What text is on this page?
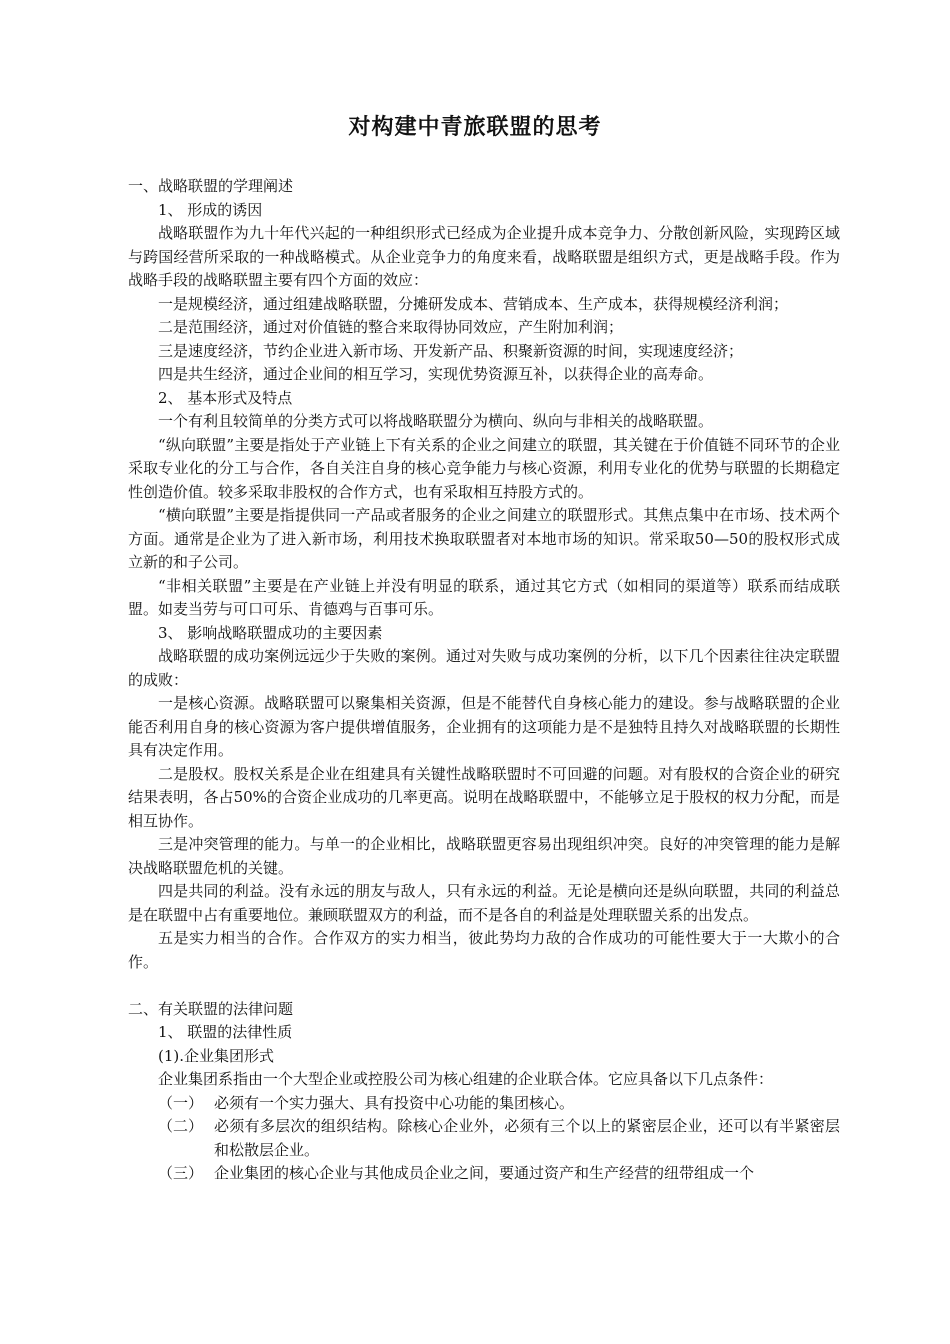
对构建中青旅联盟的思考

一、战略联盟的学理阐述

1、 形成的诱因

战略联盟作为九十年代兴起的一种组织形式已经成为企业提升成本竞争力、分散创新风险，实现跨区域与跨国经营所采取的一种战略模式。从企业竞争力的角度来看，战略联盟是组织方式，更是战略手段。作为战略手段的战略联盟主要有四个方面的效应：

一是规模经济，通过组建战略联盟，分摊研发成本、营销成本、生产成本，获得规模经济利润；

二是范围经济，通过对价值链的整合来取得协同效应，产生附加利润；

三是速度经济，节约企业进入新市场、开发新产品、积聚新资源的时间，实现速度经济；

四是共生经济，通过企业间的相互学习，实现优势资源互补，以获得企业的高寿命。

2、 基本形式及特点

一个有利且较简单的分类方式可以将战略联盟分为横向、纵向与非相关的战略联盟。

“纵向联盟”主要是指处于产业链上下有关系的企业之间建立的联盟，其关键在于价值链不同环节的企业采取专业化的分工与合作，各自关注自身的核心竞争能力与核心资源，利用专业化的优势与联盟的长期稳定性创造价值。较多采取非股权的合作方式，也有采取相互持股方式的。

“横向联盟”主要是指提供同一产品或者服务的企业之间建立的联盟形式。其焦点集中在市场、技术两个方面。通常是企业为了进入新市场，利用技术换取联盟者对本地市场的知识。常采取50—50的股权形式成立新的和子公司。

“非相关联盟”主要是在产业链上并没有明显的联系，通过其它方式（如相同的渠道等）联系而结成联盟。如麦当劳与可口可乐、肯德鸡与百事可乐。

3、 影响战略联盟成功的主要因素

战略联盟的成功案例远远少于失败的案例。通过对失败与成功案例的分析，以下几个因素往往决定联盟的成败：

一是核心资源。战略联盟可以聚集相关资源，但是不能替代自身核心能力的建设。参与战略联盟的企业能否利用自身的核心资源为客户提供增值服务，企业拥有的这项能力是不是独特且持久对战略联盟的长期性具有决定作用。

二是股权。股权关系是企业在组建具有关键性战略联盟时不可回避的问题。对有股权的合资企业的研究结果表明，各占50%的合资企业成功的几率更高。说明在战略联盟中，不能够立足于股权的权力分配，而是相互协作。

三是冲突管理的能力。与单一的企业相比，战略联盟更容易出现组织冲突。良好的冲突管理的能力是解决战略联盟危机的关键。

四是共同的利益。没有永远的朋友与敌人，只有永远的利益。无论是横向还是纵向联盟，共同的利益总是在联盟中占有重要地位。兼顾联盟双方的利益，而不是各自的利益是处理联盟关系的出发点。

五是实力相当的合作。合作双方的实力相当，彼此势均力敌的合作成功的可能性要大于一大欺小的合作。

二、有关联盟的法律问题

1、 联盟的法律性质

(1).企业集团形式

企业集团系指由一个大型企业或控股公司为核心组建的企业联合体。它应具备以下几点条件：

（一） 必须有一个实力强大、具有投资中心功能的集团核心。
（二） 必须有多层次的组织结构。除核心企业外，必须有三个以上的紧密层企业，还可以有半紧密层和松散层企业。
（三） 企业集团的核心企业与其他成员企业之间，要通过资产和生产经营的纽带组成一个
